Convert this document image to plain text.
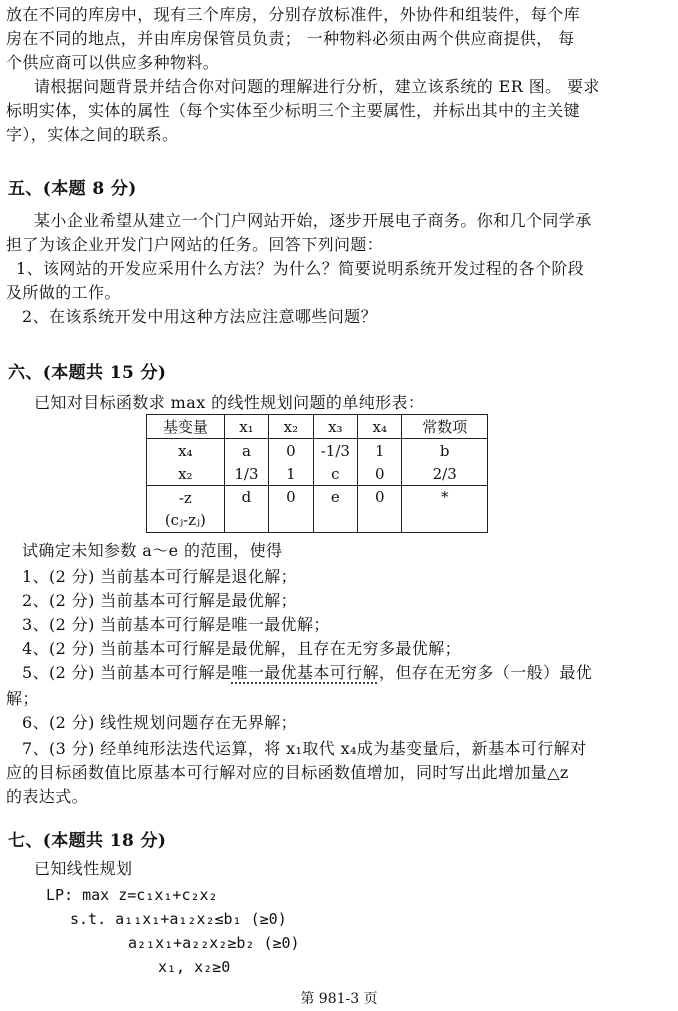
放在不同的库房中，现有三个库房，分别存放标准件，外协件和组装件，每个库
房在不同的地点，并由库房保管员负责； 一种物料必须由两个供应商提供， 每
个供应商可以供应多种物料。
请根据问题背景并结合你对问题的理解进行分析，建立该系统的 ER 图。 要求
标明实体，实体的属性（每个实体至少标明三个主要属性，并标出其中的主关键
字），实体之间的联系。
五、(本题 8 分)
某小企业希望从建立一个门户网站开始，逐步开展电子商务。你和几个同学承
担了为该企业开发门户网站的任务。回答下列问题：
1、该网站的开发应采用什么方法？为什么？简要说明系统开发过程的各个阶段
及所做的工作。
2、在该系统开发中用这种方法应注意哪些问题？
六、(本题共 15 分)
已知对目标函数求 max 的线性规划问题的单纯形表：
基变量	x₁	x₂	x₃	x₄	常数项
x₄	a	0	-1/3	1	b
x₂	1/3	1	c	0	2/3

-z
(cⱼ-zⱼ)	d	0	e	0	*
试确定未知参数 a～e 的范围，使得
1、(2 分) 当前基本可行解是退化解；
2、(2 分) 当前基本可行解是最优解；
3、(2 分) 当前基本可行解是唯一最优解；
4、(2 分) 当前基本可行解是最优解，且存在无穷多最优解；
5、(2 分) 当前基本可行解是唯一最优基本可行解，但存在无穷多（一般）最优
解；
6、(2 分) 线性规划问题存在无界解；
7、(3 分) 经单纯形法迭代运算，将 x₁取代 x₄成为基变量后，新基本可行解对
应的目标函数值比原基本可行解对应的目标函数值增加，同时写出此增加量△z
的表达式。
七、(本题共 18 分)
已知线性规划
LP: max z=c₁x₁+c₂x₂
s.t. a₁₁x₁+a₁₂x₂≤b₁ (≥0)
a₂₁x₁+a₂₂x₂≥b₂ (≥0)
x₁, x₂≥0
第 981-3 页
